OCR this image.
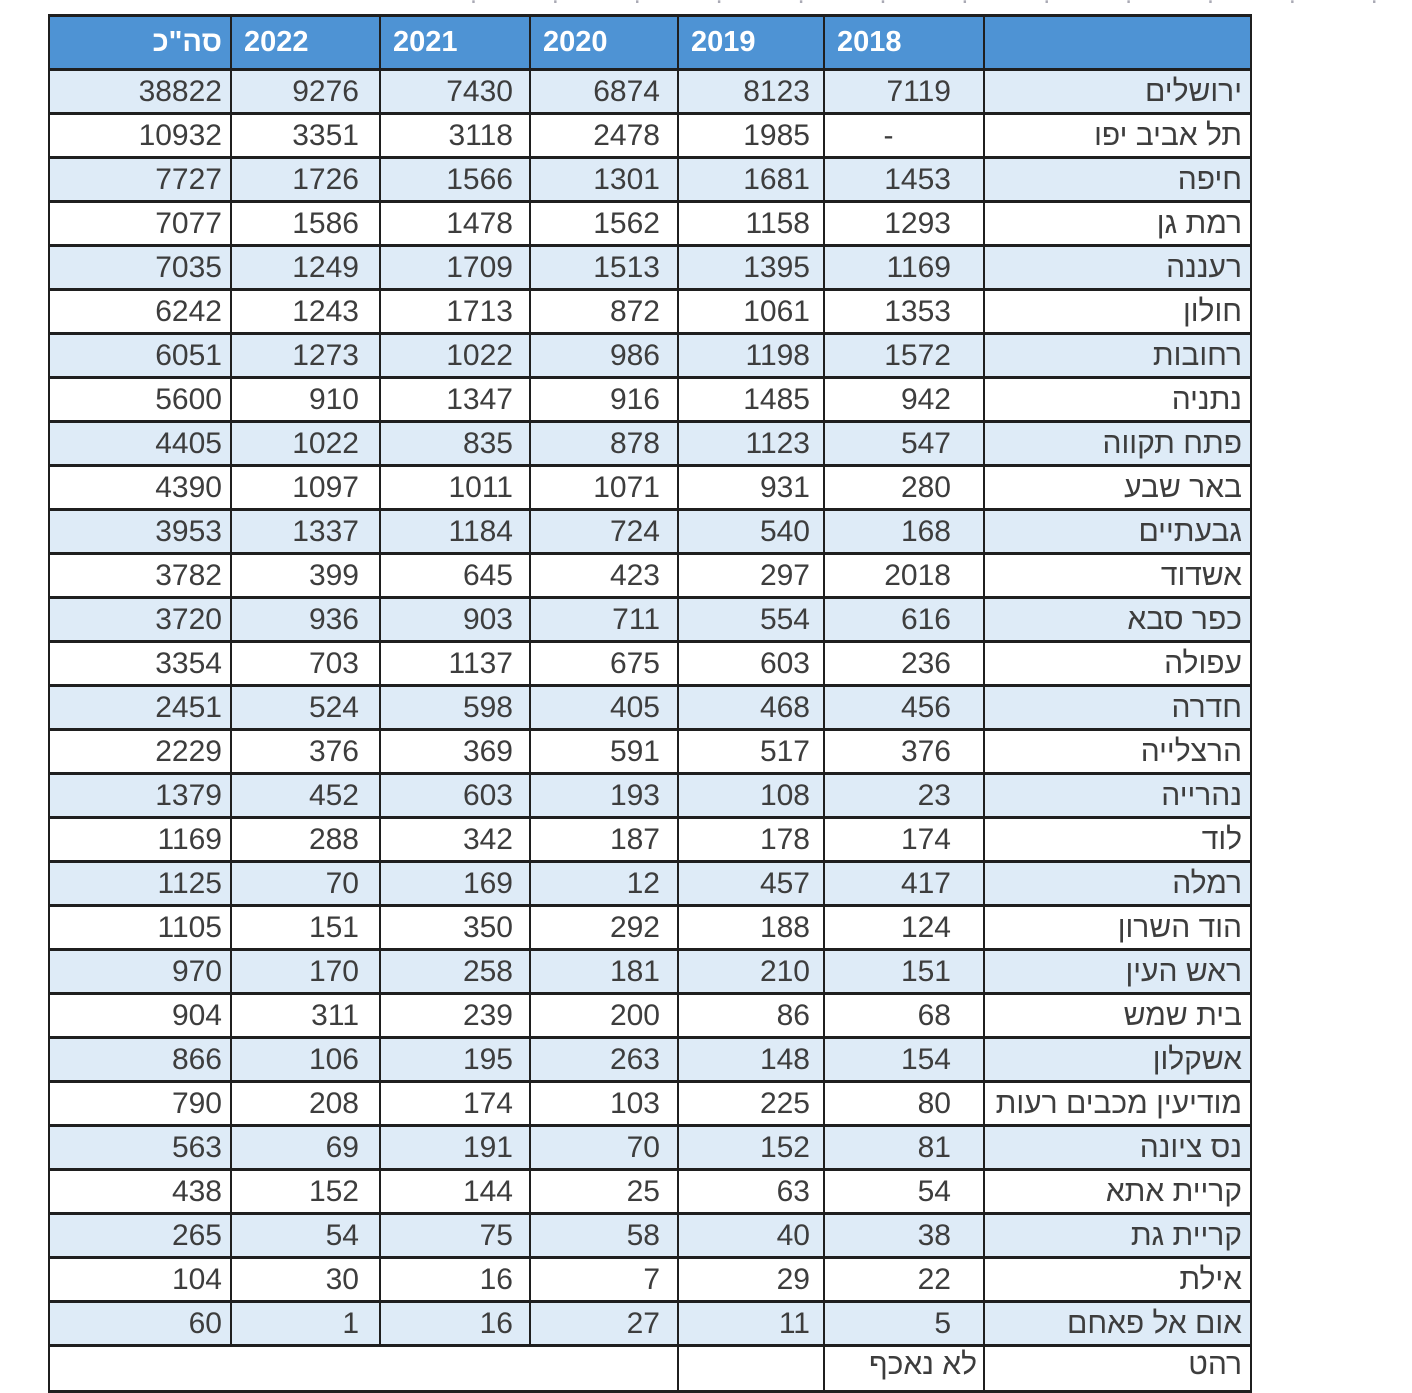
	2018	2019	2020	2021	2022	סה"כ
ירושלים	7119	8123	6874	7430	9276	38822
תל אביב יפו	-	1985	2478	3118	3351	10932
חיפה	1453	1681	1301	1566	1726	7727
רמת גן	1293	1158	1562	1478	1586	7077
רעננה	1169	1395	1513	1709	1249	7035
חולון	1353	1061	872	1713	1243	6242
רחובות	1572	1198	986	1022	1273	6051
נתניה	942	1485	916	1347	910	5600
פתח תקווה	547	1123	878	835	1022	4405
באר שבע	280	931	1071	1011	1097	4390
גבעתיים	168	540	724	1184	1337	3953
אשדוד	2018	297	423	645	399	3782
כפר סבא	616	554	711	903	936	3720
עפולה	236	603	675	1137	703	3354
חדרה	456	468	405	598	524	2451
הרצלייה	376	517	591	369	376	2229
נהרייה	23	108	193	603	452	1379
לוד	174	178	187	342	288	1169
רמלה	417	457	12	169	70	1125
הוד השרון	124	188	292	350	151	1105
ראש העין	151	210	181	258	170	970
בית שמש	68	86	200	239	311	904
אשקלון	154	148	263	195	106	866
מודיעין מכבים רעות	80	225	103	174	208	790
נס ציונה	81	152	70	191	69	563
קריית אתא	54	63	25	144	152	438
קריית גת	38	40	58	75	54	265
אילת	22	29	7	16	30	104
אום אל פאחם	5	11	27	16	1	60
רהט	לא נאכף					
